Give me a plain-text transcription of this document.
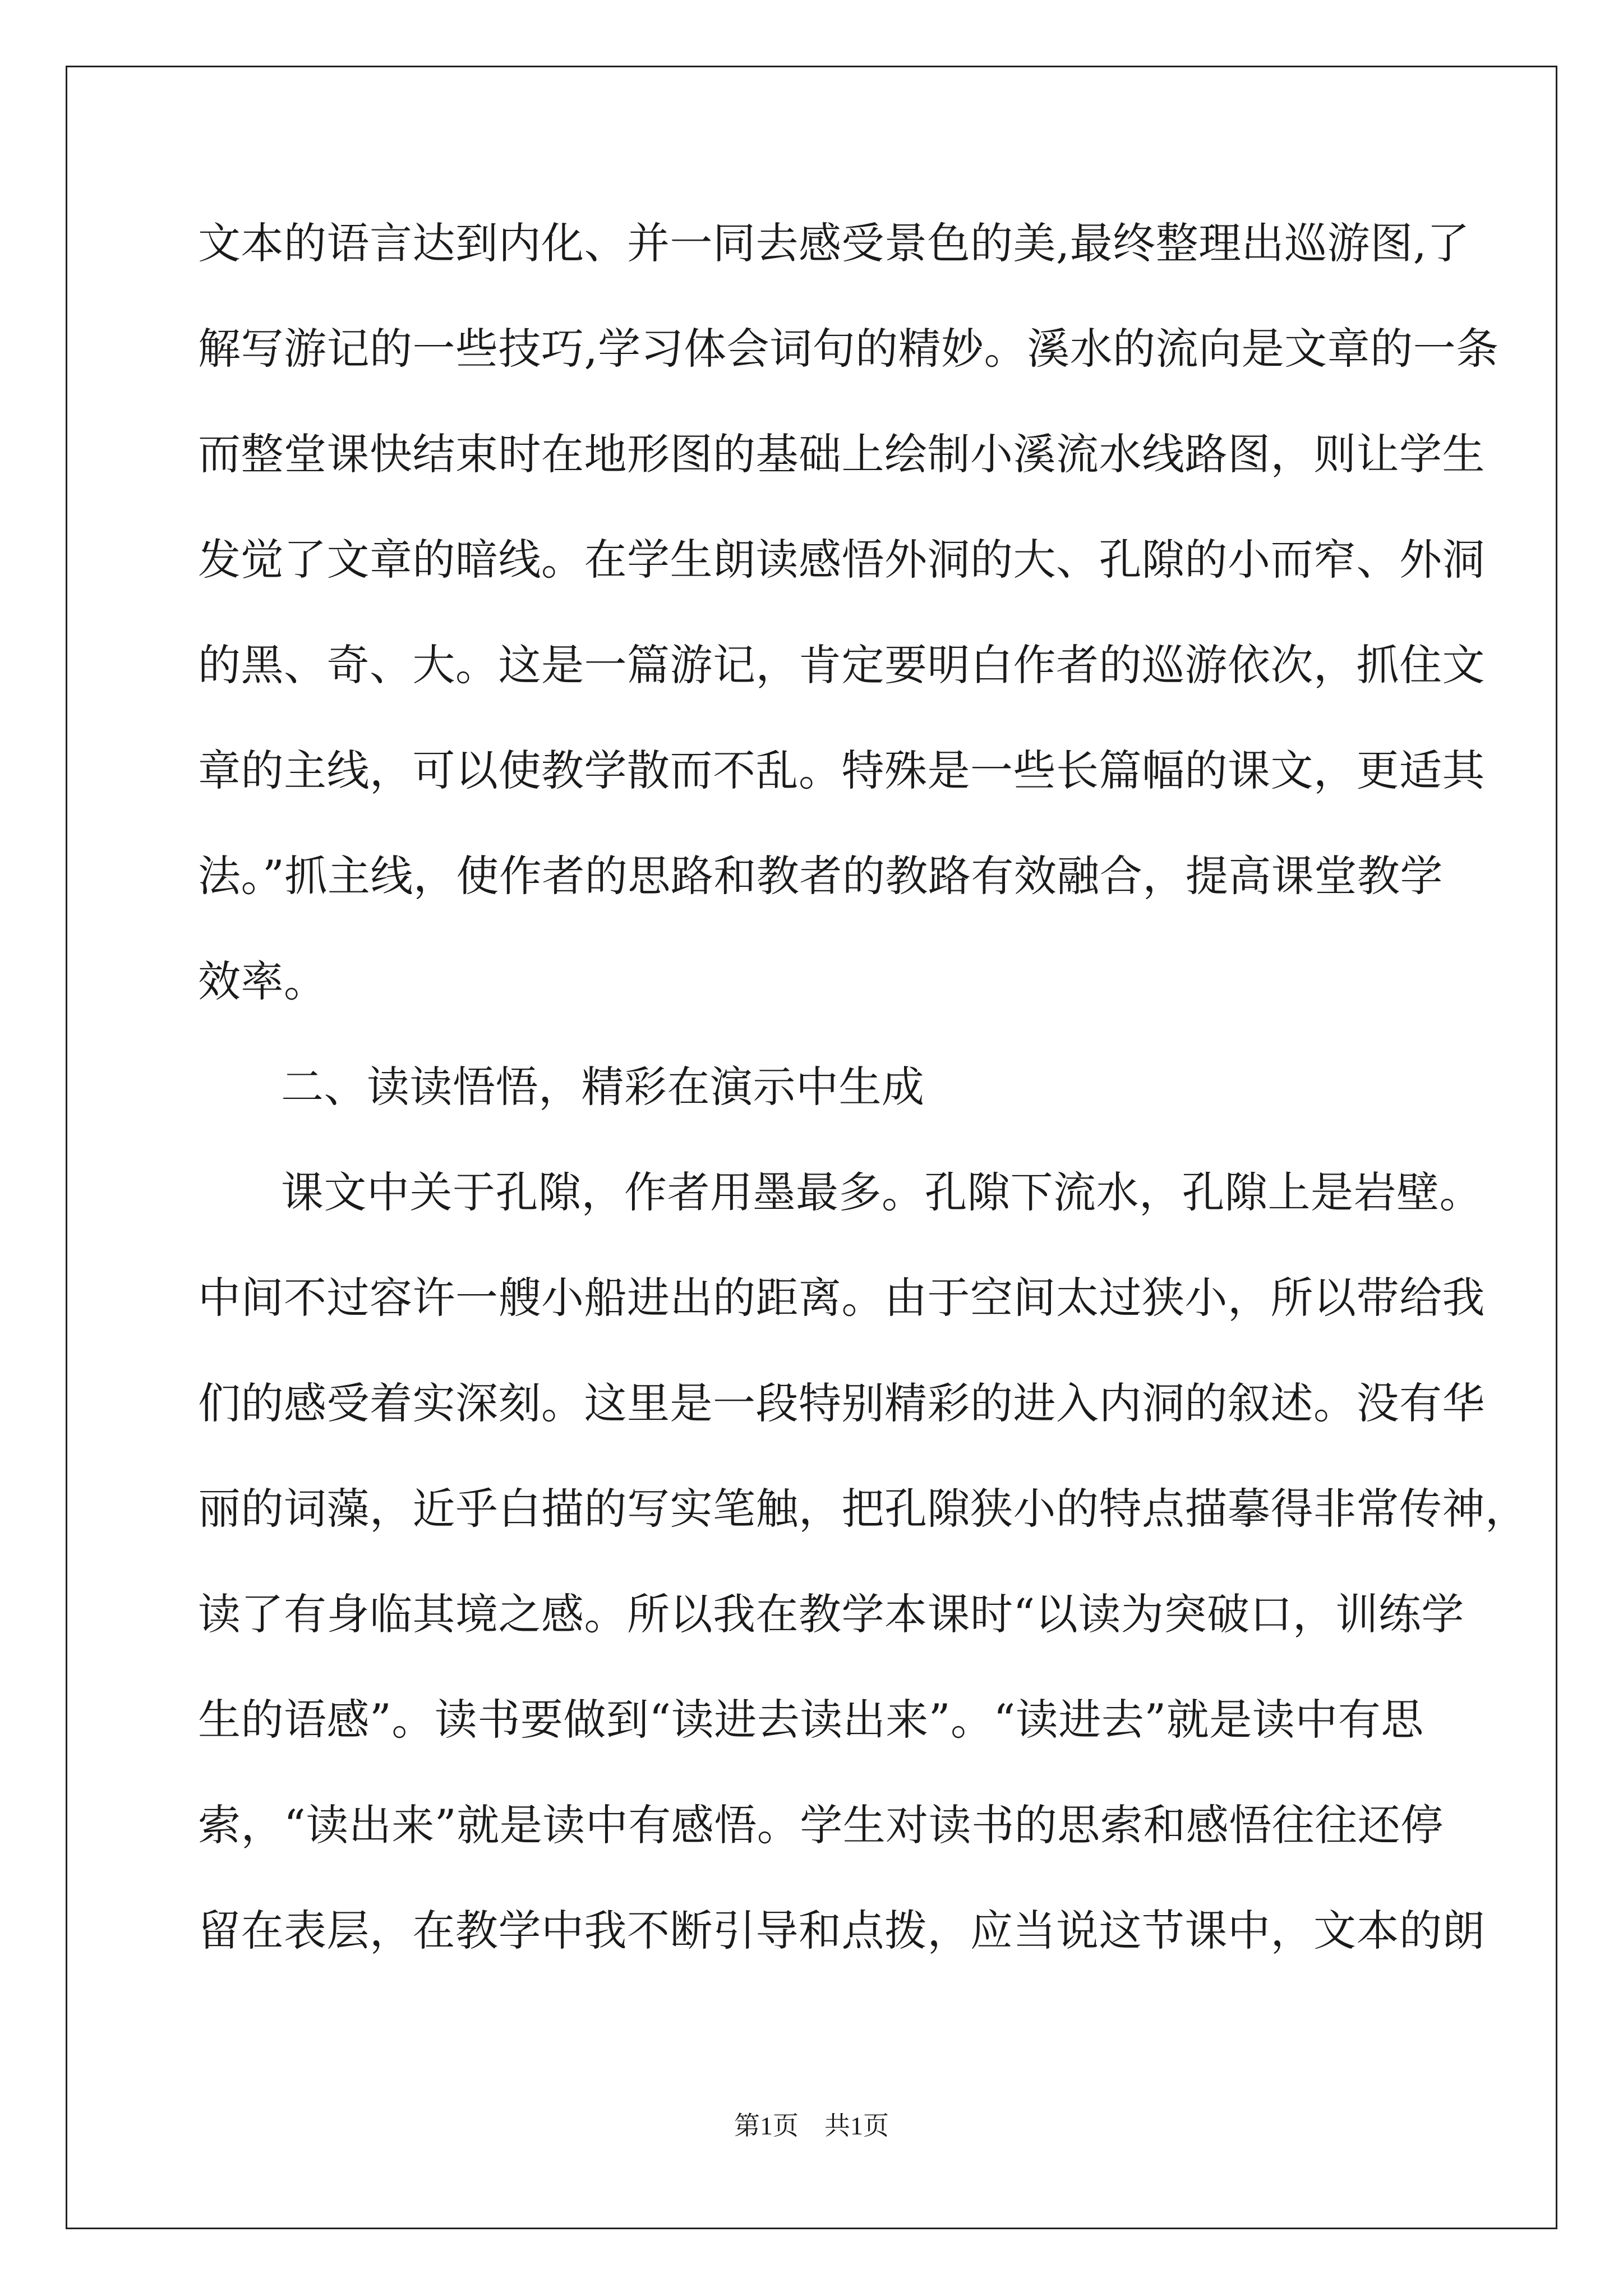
文本的语言达到内化、并一同去感受景色的美,最终整理出巡游图,了
解写游记的一些技巧,学习体会词句的精妙。溪水的流向是文章的一条
而整堂课快结束时在地形图的基础上绘制小溪流水线路图，则让学生
发觉了文章的暗线。在学生朗读感悟外洞的大、孔隙的小而窄、外洞
的黑、奇、大。这是一篇游记，肯定要明白作者的巡游依次，抓住文
章的主线，可以使教学散而不乱。特殊是一些长篇幅的课文，更适其
法。”抓主线，使作者的思路和教者的教路有效融合，提高课堂教学
效率。
二、读读悟悟，精彩在演示中生成
课文中关于孔隙，作者用墨最多。孔隙下流水，孔隙上是岩壁。
中间不过容许一艘小船进出的距离。由于空间太过狭小，所以带给我
们的感受着实深刻。这里是一段特别精彩的进入内洞的叙述。没有华
丽的词藻，近乎白描的写实笔触，把孔隙狭小的特点描摹得非常传神，
读了有身临其境之感。所以我在教学本课时“以读为突破口，训练学
生的语感”。读书要做到“读进去读出来”。“读进去”就是读中有思
索，“读出来”就是读中有感悟。学生对读书的思索和感悟往往还停
留在表层，在教学中我不断引导和点拨，应当说这节课中，文本的朗
第1页 共1页
